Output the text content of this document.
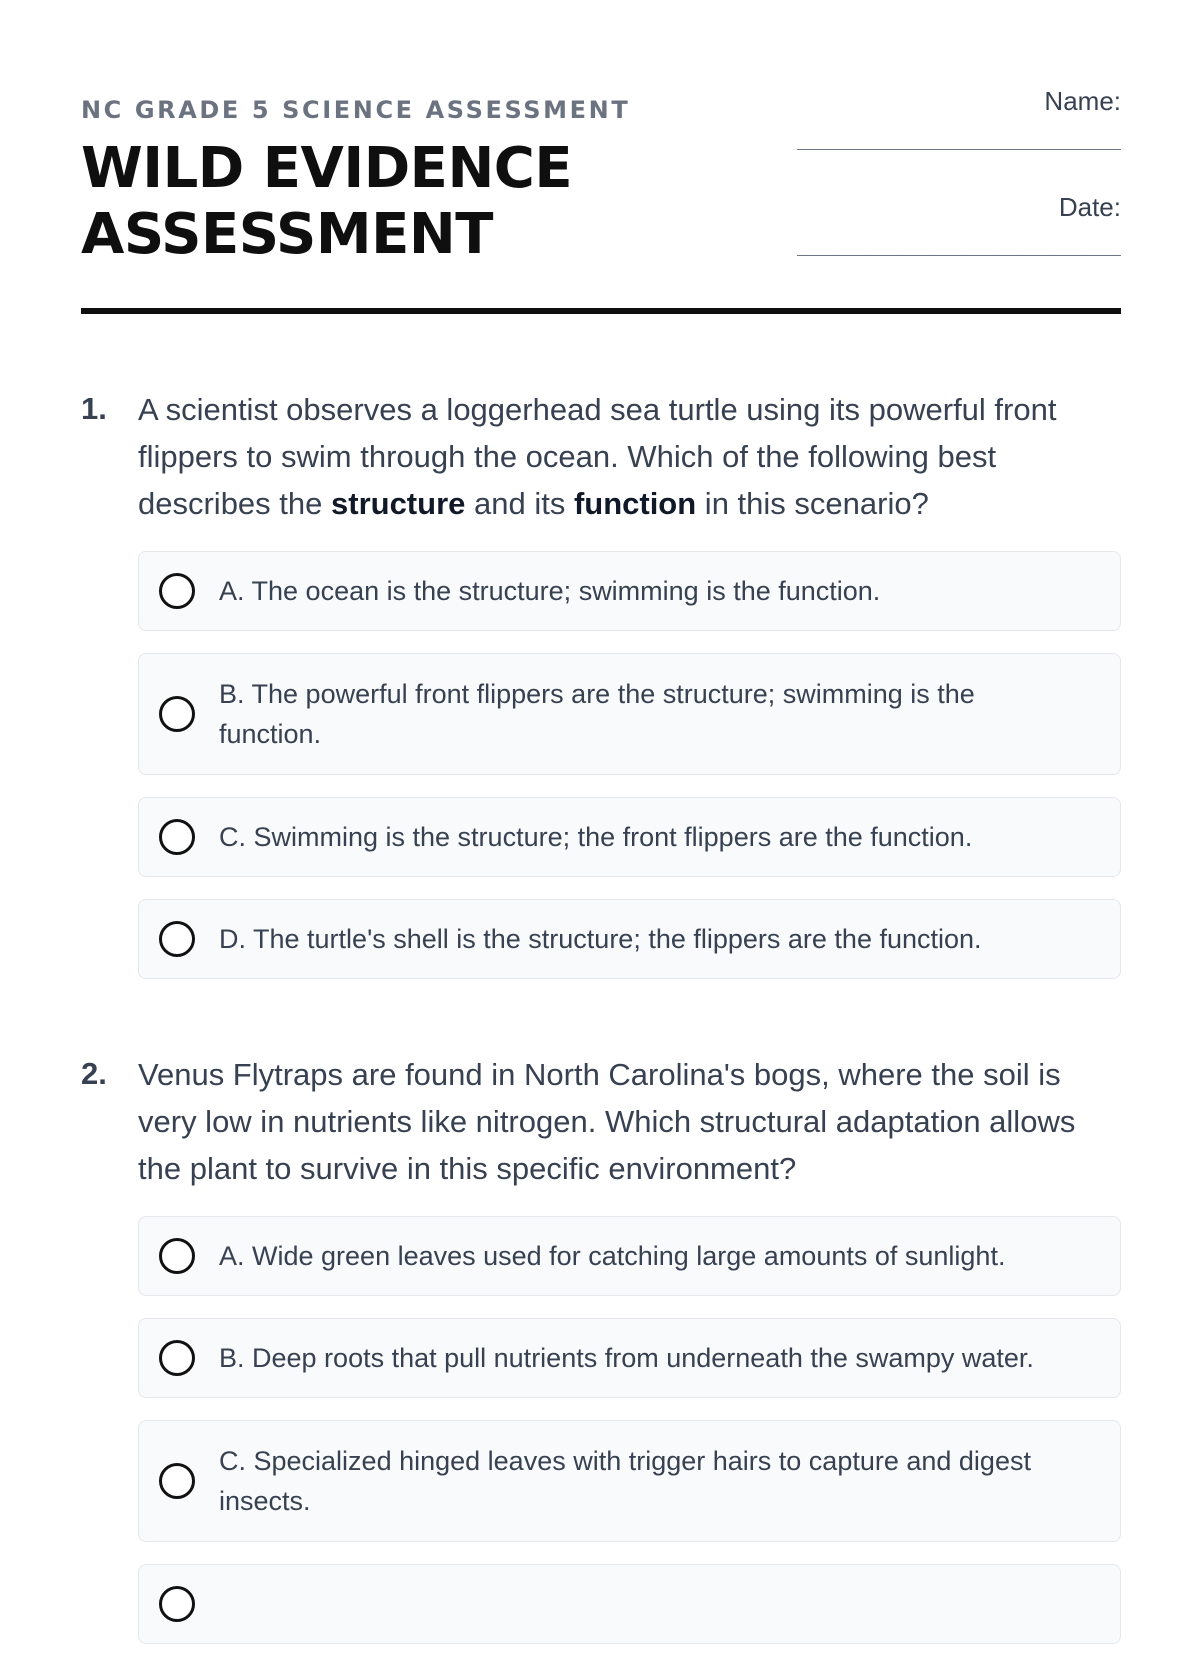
NC GRADE 5 SCIENCE ASSESSMENT
WILD EVIDENCE
ASSESSMENT
Name:
______________________________
Date:
______________________________
1. A scientist observes a loggerhead sea turtle using its powerful front flippers to swim through the ocean. Which of the following best describes the structure and its function in this scenario?
A. The ocean is the structure; swimming is the function.
B. The powerful front flippers are the structure; swimming is the function.
C. Swimming is the structure; the front flippers are the function.
D. The turtle's shell is the structure; the flippers are the function.
2. Venus Flytraps are found in North Carolina's bogs, where the soil is very low in nutrients like nitrogen. Which structural adaptation allows the plant to survive in this specific environment?
A. Wide green leaves used for catching large amounts of sunlight.
B. Deep roots that pull nutrients from underneath the swampy water.
C. Specialized hinged leaves with trigger hairs to capture and digest insects.
